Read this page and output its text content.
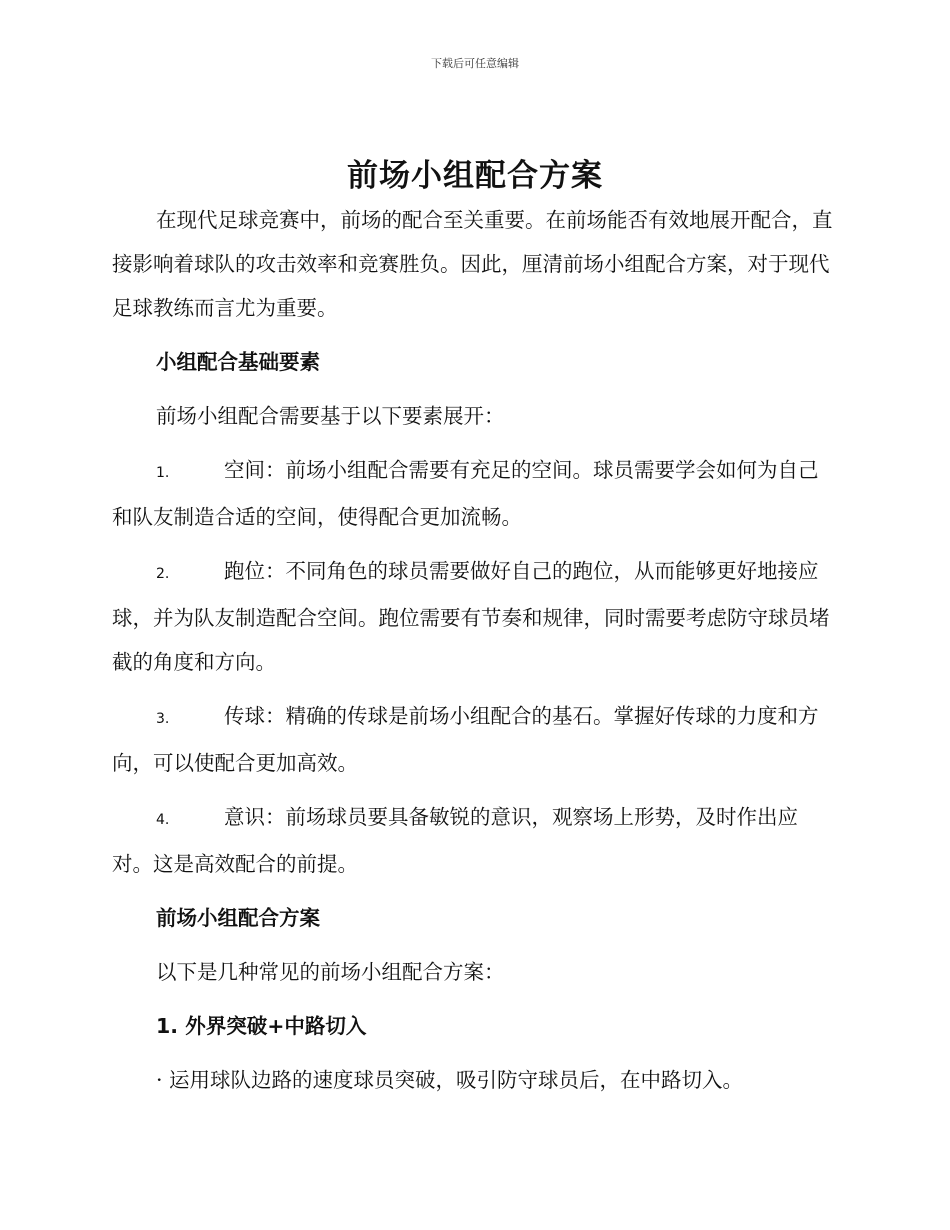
下载后可任意编辑
前场小组配合方案

在现代足球竞赛中，前场的配合至关重要。在前场能否有效地展开配合，直接影响着球队的攻击效率和竞赛胜负。因此，厘清前场小组配合方案，对于现代足球教练而言尤为重要。

小组配合基础要素

前场小组配合需要基于以下要素展开：

1.	空间：前场小组配合需要有充足的空间。球员需要学会如何为自己和队友制造合适的空间，使得配合更加流畅。
2.	跑位：不同角色的球员需要做好自己的跑位，从而能够更好地接应球，并为队友制造配合空间。跑位需要有节奏和规律，同时需要考虑防守球员堵截的角度和方向。
3.	传球：精确的传球是前场小组配合的基石。掌握好传球的力度和方向，可以使配合更加高效。
4.	意识：前场球员要具备敏锐的意识，观察场上形势，及时作出应对。这是高效配合的前提。
前场小组配合方案

以下是几种常见的前场小组配合方案：

1. 外界突破+中路切入

· 运用球队边路的速度球员突破，吸引防守球员后，在中路切入。
